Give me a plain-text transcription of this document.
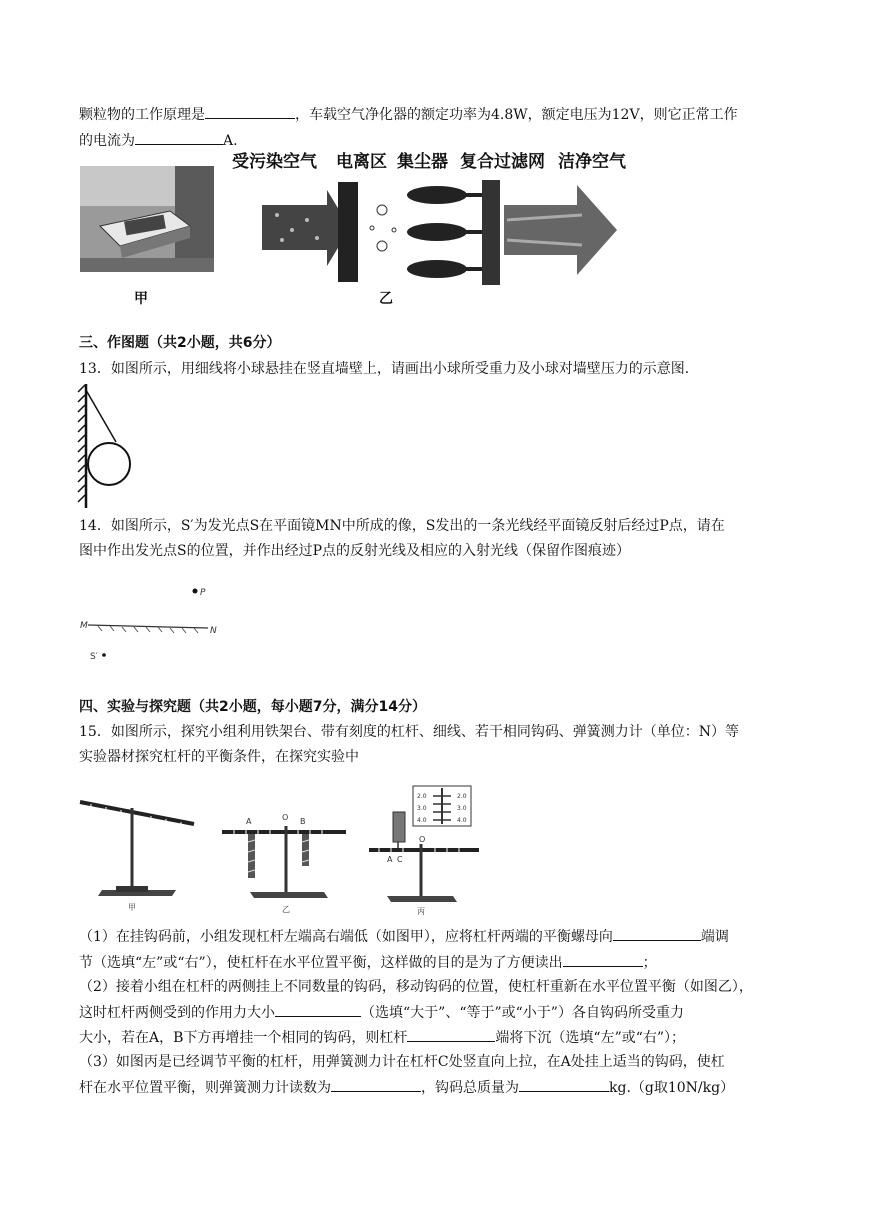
颗粒物的工作原理是	，车载空气净化器的额定功率为4.8W，额定电压为12V，则它正常工作
的电流为	A.
甲
受污染空气 电离区 集尘器 复合过滤网 洁净空气
乙
三、作图题（共2小题，共6分）
13．如图所示，用细线将小球悬挂在竖直墙壁上，请画出小球所受重力及小球对墙壁压力的示意图.
14．如图所示，S′为发光点S在平面镜MN中所成的像，S发出的一条光线经平面镜反射后经过P点，请在
图中作出发光点S的位置，并作出经过P点的反射光线及相应的入射光线（保留作图痕迹）
P
M	N
S′
四、实验与探究题（共2小题，每小题7分，满分14分）
15．如图所示，探究小组利用铁架台、带有刻度的杠杆、细线、若干相同钩码、弹簧测力计（单位：N）等
实验器材探究杠杆的平衡条件，在探究实验中
甲
A	O B
乙
2.0
3.0
4.0
2.0
3.0
4.0
O
A C
丙
（1）在挂钩码前，小组发现杠杆左端高右端低（如图甲），应将杠杆两端的平衡螺母向	端调
节（选填“左”或“右”），使杠杆在水平位置平衡，这样做的目的是为了方便读出	；
（2）接着小组在杠杆的两侧挂上不同数量的钩码，移动钩码的位置，使杠杆重新在水平位置平衡（如图乙），
这时杠杆两侧受到的作用力大小	（选填“大于”、“等于”或“小于”）各自钩码所受重力
大小，若在A，B下方再增挂一个相同的钩码，则杠杆	端将下沉（选填“左”或“右”）；
（3）如图丙是已经调节平衡的杠杆，用弹簧测力计在杠杆C处竖直向上拉，在A处挂上适当的钩码，使杠
杆在水平位置平衡，则弹簧测力计读数为	，钩码总质量为	kg.（g取10N/kg）
